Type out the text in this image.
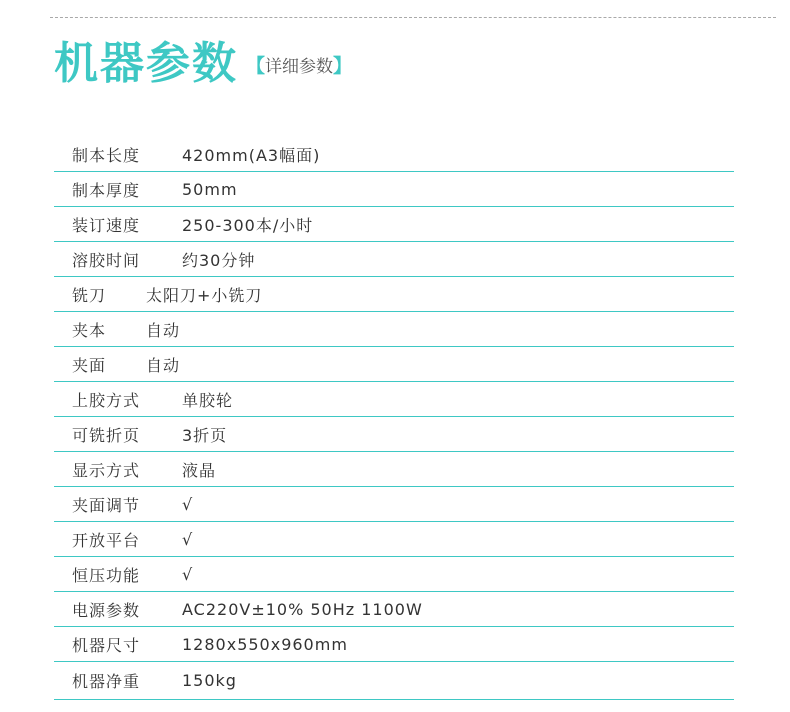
机器参数 【 详细参数 】
制本长度	420mm(A3幅面)
制本厚度	50mm
装订速度	250-300本/小时
溶胶时间	约30分钟
铣刀	太阳刀+小铣刀
夹本	自动
夹面	自动
上胶方式	单胶轮
可铣折页	3折页
显示方式	液晶
夹面调节	√
开放平台	√
恒压功能	√
电源参数	AC220V±10% 50Hz 1100W
机器尺寸	1280x550x960mm
机器净重	150kg
